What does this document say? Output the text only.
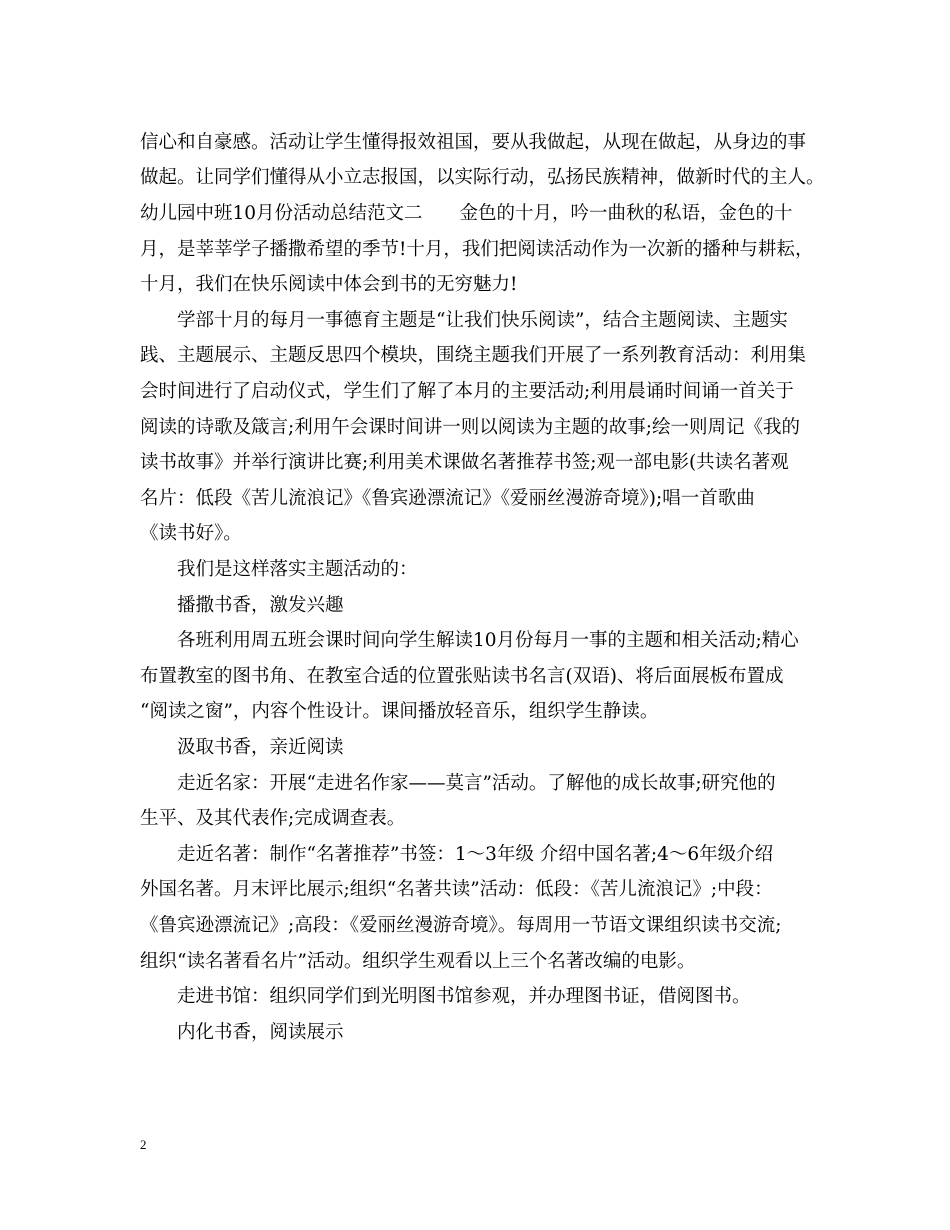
信心和自豪感。活动让学生懂得报效祖国，要从我做起，从现在做起，从身边的事
做起。让同学们懂得从小立志报国，以实际行动，弘扬民族精神，做新时代的主人。
幼儿园中班10月份活动总结范文二　　金色的十月，吟一曲秋的私语，金色的十
月，是莘莘学子播撒希望的季节!十月，我们把阅读活动作为一次新的播种与耕耘，
十月，我们在快乐阅读中体会到书的无穷魅力!
学部十月的每月一事德育主题是“让我们快乐阅读”，结合主题阅读、主题实
践、主题展示、主题反思四个模块，围绕主题我们开展了一系列教育活动：利用集
会时间进行了启动仪式，学生们了解了本月的主要活动;利用晨诵时间诵一首关于
阅读的诗歌及箴言;利用午会课时间讲一则以阅读为主题的故事;绘一则周记《我的
读书故事》并举行演讲比赛;利用美术课做名著推荐书签;观一部电影(共读名著观
名片：低段《苦儿流浪记》《鲁宾逊漂流记》《爱丽丝漫游奇境》);唱一首歌曲
《读书好》。
我们是这样落实主题活动的：
播撒书香，激发兴趣
各班利用周五班会课时间向学生解读10月份每月一事的主题和相关活动;精心
布置教室的图书角、在教室合适的位置张贴读书名言(双语)、将后面展板布置成
“阅读之窗”，内容个性设计。课间播放轻音乐，组织学生静读。
汲取书香，亲近阅读
走近名家：开展“走进名作家——莫言”活动。了解他的成长故事;研究他的
生平、及其代表作;完成调查表。
走近名著：制作“名著推荐”书签：1～3年级 介绍中国名著;4～6年级介绍
外国名著。月末评比展示;组织“名著共读”活动：低段：《苦儿流浪记》;中段：
《鲁宾逊漂流记》;高段：《爱丽丝漫游奇境》。每周用一节语文课组织读书交流;
组织“读名著看名片”活动。组织学生观看以上三个名著改编的电影。
走进书馆：组织同学们到光明图书馆参观，并办理图书证，借阅图书。
内化书香，阅读展示
2
